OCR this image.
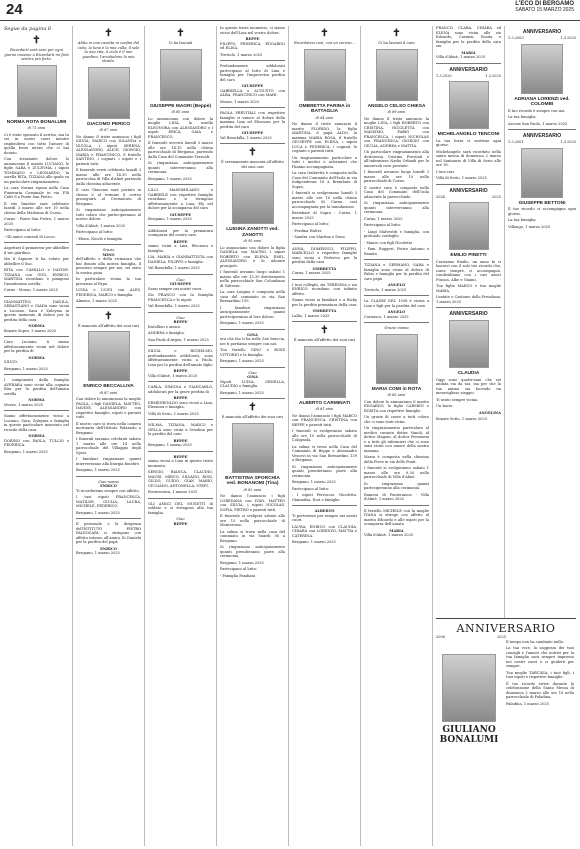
24	L'ECO DI BERGAMO
SABATO 15 MARZO 2025
Segue da pagina 6
✝

Ricordarti sarà sere per ogni giorno insieme a Ricordarti mi farà sentire più forte.

NORMA ROTA BONALUMI
di 71 anni

Ci è stato spezzato il sorriso, ma tu sei in nostri cuori mentre risplendeva con tutto l'amore di quella forza intera che ci hai donato.

Con straziante dolore lo annunciano il marito LUCIANO, le figlie SARA e ZULEYMA, i nipoti TOMMASO e LEONARDO, la sorella RITA, TIZIANA alle quale va un particolare ringraziamento.

La cara Norma riposa nella Casa Funeraria Comunale in via F.lli Calvi 8 a Ponte San Pietro.

Il rito funebre sarà celebrato lunedì 3 marzo alle ore 10 nella chiesa della Madonna di Curno.

Curno - Ponte San Pietro, 1 marzo 2025

Partecipano al lutto:

- Gli amici convinti di Lecco.

Aspettavi il primavera per abbellire il tuo giardino.

Ma il Signore ti ha voluto per abbellire il Suo.

RITA con CAMILLO e DAVIDE, TIZIANA con GIGI, ENRICO, MARTINA ricordano e piangono l'amatissima sorella.

Curno - Mozzo, 1 marzo 2025

GIANMATTEO, DANILA, SEBASTIANO e GIADA sono vicini a Luciano, Sara e Zuleyma in questo momento di dolore per la perdita della cara

NORMA

Bonate Sopra, 1 marzo 2025

Caro Luciano, ti siamo affettuosamente vicini nel dolore per la perdita di

NORMA

SILVIO.

Bergamo, 1 marzo 2025

I componenti della famiglia AVERARA sono vicini alla cognata Rita per la perdita dell'amata sorella

NORMA

Mozzo, 1 marzo 2025

Siamo affettuosamente vicini a Luciano, Sara, Zuleyma e famiglia in questo particolare momento nel ricordo della cara

NORMA

DORINO con PAOLA, TULLIO e FEDERICA.

Bergamo, 1 marzo 2025

✝

Abito in una casetta in confini del cielo, la luna è la mia culla, il sole la mia vita, il cielo è il mio giardino, l'arcobaleno la mia strada.

GIACOMO PERICO
di 87 anni

Ne danno il triste annuncio i figli SILVIA, MARCO con IOLANDA e NICOLA, i nipoti SERENA, ALESSANDRO, ALICE, GIORGIO, MARIA e FRANCESCO, il fratello SANTINO, i cognati, i nipoti e i parenti tutti.

Il funerale verrà celebrato lunedì 3 marzo alle ore 14.30 nella parrocchia di Villa d'Almè partendo dalla chiesina adiacente.

Il caro Giacomo sarà portato in chiesa e al termine il corteo proseguirà al Crematorio di Bergamo.

Si ringraziano anticipatamente tutti coloro che parteciperanno al nostro dolore.

Villa d'Almè, 1 marzo 2025

Partecipano al lutto:

- Elena, Nicolò e famiglia

Grazie
MINO

dell'affetto e della vicinanza che hai donato alla nostra famiglia, il pensiero sempre per noi, sei stato la nostra gioia.

In particolare vicina la tua presenza al Papa.

LUISA e LUIGI con ALES, FEDERICA, MARCO e famiglia.

Almeno, 1 marzo 2025

✝

È mancato all'affetto dei suoi cari

ENRICO BECCALLIVA
di 87 anni

Con dolore lo annunciano la moglie PAOLA, i figli DANIELA, MATTEO, DAVIDE, ALESSANDRO con rispettive famiglie, nipoti e parenti tutti.

Il nostro caro si trova nella camera mortuaria dell'Istituto Palazzolo a Bergamo.

I funerali saranno celebrati sabato 1 marzo alle ore 14 nella parrocchiale del Villaggio degli Sposi.

I familiari ringraziano quanti interverranno alla liturgia funebre.

Bergamo, 1 marzo 2025

Ciao nonno
ENRICO

Ti ricorderemo sempre con affetto.

I tuoi nipoti FRANCESCA, MATILDE, GIULIA, LAURA, MICHELE, FEDERICO.

Bergamo, 1 marzo 2025

Il personale e la dirigenza dell'ISTITUTO PIETRO PALEOCAPA si stringono con affetto intorno all'amico Di Daniela per la perdita del papà

ENRICO

Bergamo, 1 marzo 2025

✝

Ci ha lasciati

GIUSEPPE MAGRI (Beppe)
di 85 anni

Lo annunciano con dolore la moglie LINA, la sorella ELEONORA con ALESSANDRO e i nipoti ERICA, GAIA e FRANCESCO.

Il funerale avverrà lunedì 3 marzo alle ore 14.15 nella chiesa parrocchiale di Bergamo, partendo dalla Casa del Commiato Terzuoli.

Si ringraziano anticipatamente quanti interverranno alla cerimonia.

Bergamo, 1 marzo 2025

LILLI MASSIMILIANO e GABRIELE con rispettive famiglie ricordano e si stringono affettuosamente a Lina, Ely nel dolore per la scomparsa del caro

GIUSEPPE

Bergamo, 1 marzo 2025

Addolorati per la prematura scomparsa del nostro caro

BEPPE

siamo vicini a Lina, Eleonora e famiglia.

LIA, MARIA e GIANBATTISTA con DANIELA, FILIPPO e famiglia.

Val Brembilla, 1 marzo 2025

Ciao
GIUSEPPE

Sarai sempre nei nostri cuori.

Zio FRANCO con la famiglia FRANCESCA e le nipoti.

Val Brembilla, 1 marzo 2025

Ciao
BEPPE

fratellino e amico.

ANDREA e famiglia.

San Paolo d'Argon, 1 marzo 2025

SILVIA e RICHELMO, profondamente addolorati, sono affettuosamente vicini a Paola, Lina per la perdita dell'amato figlio

BEPPE

Villa d'Almè, 1 marzo 2025

CARLA, SIMONA e GIANCARLO, addolorati per la grave perdita di

BEPPE

ERMENEGILDO sono vicini a Lina, Eleonora e famiglia.

Villa di Serio, 1 marzo 2025

WILMA, TIZIANA, MARCO e NELLA sono vicini a Orsolina per la perdita del caro

BEPPE

Bergamo, 1 marzo 2025

BEPPE

siamo vicini a Lina in questo triste momento.

SERGIO, BIANCA, CLAUDIO, MAURI, MIRCO, SILVANO, ROSI, GILDO, GUIDO, GIAN MARIO, GIULIANO, ANTONELLA, STEFI.

Pontevenica, 1 marzo 2025

GLI AMICI DEL MUSETTI di soldato e si stringono alla tua famiglia.

Ciao
BEPPE

In questo triste momento, ci siamo vicini dell'Lina nel vostro dolore.

BEPPE

FILIPPO, FEDERICA, EDOARDO ed ELISA.

Treviolo, 1 marzo 2025

Profondamente addolorati partecipano al lutto di Lina e famiglia per l'improvvisa perdita del caro

GIUSEPPE

GABRIELLA e AUGUSTO con ALBA, FRANCESCO con MAHI.

Mozzo, 1 marzo 2025

PAOLA PREVITALI con rispettive famiglie si unisce al dolore della mamma Lina ed Eleonora per la perdita del caro

GIUSEPPE

Val Brembilla, 1 marzo 2025

✝

È serenamente mancata all'affetto dei suoi cari

LUIGINA ZANOTTI ved. ZANOTTI
di 95 anni

Lo annunciano con dolore la figlia DANIELA con MAURO, i nipoti ROBERTO con ELENA, EMIL, ALESSANDRO e le adorate pronipoti.

I funerali avranno luogo sabato 1 marzo alle ore 15.30 direttamente nella parrocchiale San Colombano di Valtesse.

La cara Luigina è composta nella casa del commiato in via San Bernardino 139.

I familiari ringraziano anticipatamente quanti parteciperanno al loro dolore.

Bergamo, 1 marzo 2025

GINA

ora che ibo ti ha nelle Sue braccia, nei ti portiamo sempre con noi.

Tuo fratello GINO e ROSE VITTORIO e la famiglia.

Bergamo, 1 marzo 2025

Ciao
GINA

Nipoti LUISA, ORNELLA, CLAUDIO e famiglia.

Bergamo, 1 marzo 2025

✝

È mancata all'affetto dei suoi cari

BATTISTINA SPORCHIA ved. BONANOMI (Tina)
di 82 anni

Ne danno l'annuncio i figli LOREDANA con IVAN, MATTEO con SILVIA, i nipoti NICOLAS, SOFIA, PIETRO e parenti tutti.

Il funerale si svolgerà sabato alle ore 15 nella parrocchiale di Monterosso.

La salma si trova nella casa del commiato in via Suardi 36 a Bergamo.

Si ringraziano anticipatamente quanti prenderanno parte alla cerimonia.

Bergamo, 1 marzo 2025

Partecipano al lutto:

- Famiglia Pandiani

✝

Ricordatevi così, con un sorriso...

OMBRETTA FARINA in BATTAGLIA
di 64 anni

Ne danno il triste annuncio il marito FLORIDO, la figlia MARTINA, il papà ALDO, la mamma MARIA ROSA, il fratello GIUSEPPE con ELENA, i nipoti LUCA e FEDERICA, i cognati, le cognate e parenti tutti.

Un ringraziamento particolare a tutti i medici e infermieri che l'hanno accompagnata.

La cara Ombretta è composta nella Casa del Commiato dell'Isola in via Indipendenza 18 a Brembate di Sopra.

I funerali si svolgeranno lunedì 3 marzo alle ore 10 nella chiesa parrocchiale di Curno, così accompagnata per la tumulazione.

Brembate di Sopra - Curno, 1 marzo 2025

Partecipano al lutto:

- Ferdina Walter

- Sandra con Martina e Dona

ANNA, DOMENICO, FILIPPO, MARCELLO e rispettive famiglie sono vicini a Federico per la perdita della cara

OMBRETTA

Curno, 1 marzo 2025

I tuoi colleghi, zia TERESINA e zio ENRICO ricordano con infinito affetto.

Siamo vicini ai familiari e a Ricky per la perdita prematura della cara

OMBRETTA

Lallio, 1 marzo 2025

✝

È mancato all'affetto dei suoi cari

ALBERTO CARMINATI
di 81 anni

Ne danno l'annuncio i figli MARCO con FRANCESCA, CRISTINA con BEPPE e parenti tutti.

I funerali si svolgeranno sabato alle ore 10 nella parrocchiale di Colognola.

La salma si trova nella Casa del Commiato di Beppe e Alessandro Vescovi in via San Bernardino 139 a Bergamo.

Si ringraziano anticipatamente quanti prenderanno parte alla cerimonia.

Bergamo, 1 marzo 2025

Partecipano al lutto:

- I nipoti Ferruccio, Nicoletta, Gianmilsa, Dori e famiglie

ALBERTO

Ti porteremo per sempre nei nostri cuori.

LAURA, ENRICO con CLAUDIA, CHIARA con LORENZO, MATTIA e CATERINA.

Bergamo, 1 marzo 2025

✝

Ci ha lasciati il caro

ANGELO CELSO CHIESA
di 89 anni

Ne danno il triste annuncio la moglie LINA, i figli ROBERTO con CRISTINA, NICOLETTA con MASSIMO, FABIO con FRANCESCA, i nipoti NICHOLAS con FRANCESCA, GIORGIO con GIULIA, ANDREA e MATTIA.

Un particolare ringraziamento alla dottoressa Cristina Previtali e all'infermiera Nadia Orlandi per le amorevoli cure prestate.

I funerali avranno luogo lunedì 3 marzo alle ore 10 nella parrocchiale di Curno.

Il nostro caro è composto nella Casa del Commiato dell'Isola adiacente la parrocchiale.

Si ringraziano anticipatamente quanti interverranno alla cerimonia.

Curno, 1 marzo 2025

Partecipano al lutto:

- Luigi Malvestiti e famiglia, con profondo cordoglio

- Mauro con figli Nicoletta

- Fam. Ruggeri, Pietro Antonio e Renata

TIZIANA e GERMANO, SARA e famiglia sono vicini al dolore di Fabio e famiglia per la perdita del caro papà

ANGELO

Treviolo, 1 marzo 2025

La CLASSE DEL 1938 è vicina a Lina e figli per la perdita del caro

ANGELO

Curnasco, 1 marzo 2025

Grazie nonna
MARIA COMI in ROTA
di 85 anni

Con dolore lo annunciano il marito EDOARDO, le figlie CARMEN e ROSITA con rispettive famiglie.

Un grazie di cuore a tutti coloro che ci sono stati vicini.

Un ringraziamento particolare al medico curante dottor Vanoli, al dottor Magoni, al dottor Personeni e a tutti gli infermieri che ci sono stati vicini con amore della nostra mamma.

Maria è composta nella chiesina della Pieve in via delle Fonti.

I funerali si svolgeranno sabato 1 marzo alle ore 9.30 nella parrocchiale di Villa d'Almè.

Si ringraziano quanti parteciperanno alla cerimonia.

Ramera di Ponteranica - Villa d'Almè, 1 marzo 2025

Il fratello MICHELE con la moglie IVANA si stringe con affetto al marito Edoardo e alle nipoti per la scomparsa dell'amata

MARIA

Villa d'Almè, 1 marzo 2025

FRANCO, CLARA, CHIARA ed ELENA sono vicini alle zie Edoardo, Carmen, Rosita e famiglia per la perdita della cara zia

MARIA

Villa d'Almè, 1 marzo 2025

ANNIVERSARIO
1.3.2020	1.3.2025
MICHELANGELO TENCONI

La tua forza ci sostiene ogni giorno.

Michelangelo sarà ricordato nella santa messa di domenica 2 marzo nel Santuario di Villa di Serio alle ore 18.

I tuoi cari.

Villa di Serio, 1 marzo 2025

ANNIVERSARIO
2024	2025
EMILIO PINETTI

Carissimo Emilio, un anno fa ci lasciavi con il solo tuo ricordo che, come sempre, ci accompagna, condividiamo con i cari amici Franca, Albe e Gianni.

Tua figlia MARCO e tua moglie MARIA.

Lentate e Castione della Presolana, 1 marzo 2025

ANNIVERSARIO
CLAUDIA

Oggi sono quattr'anni che sei andata via da noi, ma per che la tua anima sia facendo un meraviglioso viaggio.

Ti sento sempre vicina.

Un bacio.

ANGELINA

Bonate Sotto, 1 marzo 2025

ANNIVERSARIO
1.3.2003	1.3.2025
ADRIANA LORENZI ved. COLOMBI

Il tuo ricordo è sempre con noi.

La tua famiglia.

Arcene San Paolo, 1 marzo 2025

ANNIVERSARIO
1.3.2001	1.3.2025
GIUSEPPE BETTONI

Il tuo ricordo ci accompagna ogni giorno.

La tua famiglia.

Villongo, 1 marzo 2025

ANNIVERSARIO
2006	2025
GIULIANO BONALUMI

Il tempo non ha cambiato nulla.

La tua voce, la saggezza dei tuoi consigli e l'amore che nutrivi per la tua famiglia sarà sempre impresso nei nostri cuori e ci guiderà per sempre.

Tua moglie TARCISIA, i tuoi figli, i tuoi nipoti e rispettive famiglie.

Il tuo ricordo rivive durante la celebrazione della Santa Messa di domenica 2 marzo alle ore 18 nella parrocchiale di Paladina.

Paladina, 1 marzo 2025
